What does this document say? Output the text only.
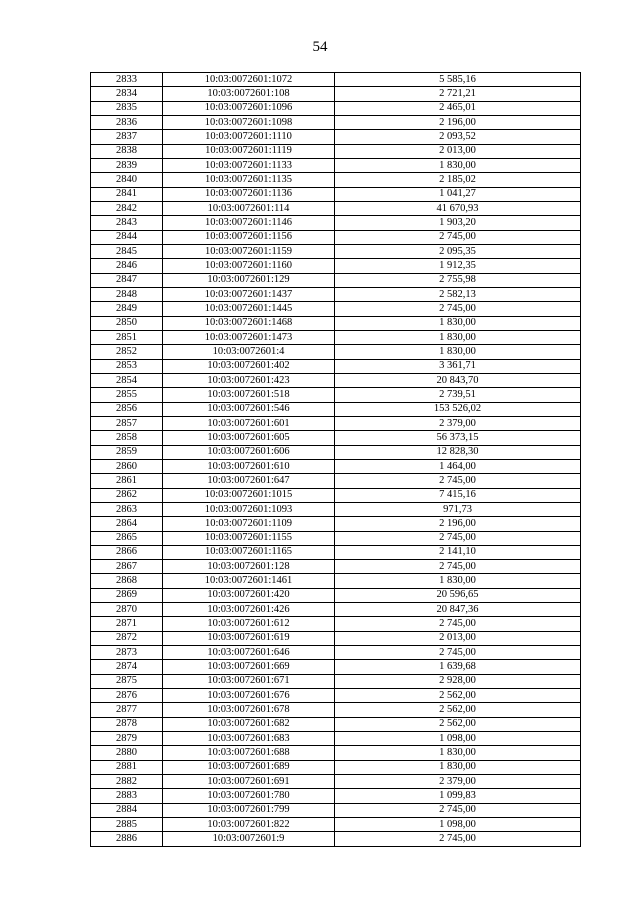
54
2833	10:03:0072601:1072	5 585,16
2834	10:03:0072601:108	2 721,21
2835	10:03:0072601:1096	2 465,01
2836	10:03:0072601:1098	2 196,00
2837	10:03:0072601:1110	2 093,52
2838	10:03:0072601:1119	2 013,00
2839	10:03:0072601:1133	1 830,00
2840	10:03:0072601:1135	2 185,02
2841	10:03:0072601:1136	1 041,27
2842	10:03:0072601:114	41 670,93
2843	10:03:0072601:1146	1 903,20
2844	10:03:0072601:1156	2 745,00
2845	10:03:0072601:1159	2 095,35
2846	10:03:0072601:1160	1 912,35
2847	10:03:0072601:129	2 755,98
2848	10:03:0072601:1437	2 582,13
2849	10:03:0072601:1445	2 745,00
2850	10:03:0072601:1468	1 830,00
2851	10:03:0072601:1473	1 830,00
2852	10:03:0072601:4	1 830,00
2853	10:03:0072601:402	3 361,71
2854	10:03:0072601:423	20 843,70
2855	10:03:0072601:518	2 739,51
2856	10:03:0072601:546	153 526,02
2857	10:03:0072601:601	2 379,00
2858	10:03:0072601:605	56 373,15
2859	10:03:0072601:606	12 828,30
2860	10:03:0072601:610	1 464,00
2861	10:03:0072601:647	2 745,00
2862	10:03:0072601:1015	7 415,16
2863	10:03:0072601:1093	971,73
2864	10:03:0072601:1109	2 196,00
2865	10:03:0072601:1155	2 745,00
2866	10:03:0072601:1165	2 141,10
2867	10:03:0072601:128	2 745,00
2868	10:03:0072601:1461	1 830,00
2869	10:03:0072601:420	20 596,65
2870	10:03:0072601:426	20 847,36
2871	10:03:0072601:612	2 745,00
2872	10:03:0072601:619	2 013,00
2873	10:03:0072601:646	2 745,00
2874	10:03:0072601:669	1 639,68
2875	10:03:0072601:671	2 928,00
2876	10:03:0072601:676	2 562,00
2877	10:03:0072601:678	2 562,00
2878	10:03:0072601:682	2 562,00
2879	10:03:0072601:683	1 098,00
2880	10:03:0072601:688	1 830,00
2881	10:03:0072601:689	1 830,00
2882	10:03:0072601:691	2 379,00
2883	10:03:0072601:780	1 099,83
2884	10:03:0072601:799	2 745,00
2885	10:03:0072601:822	1 098,00
2886	10:03:0072601:9	2 745,00
